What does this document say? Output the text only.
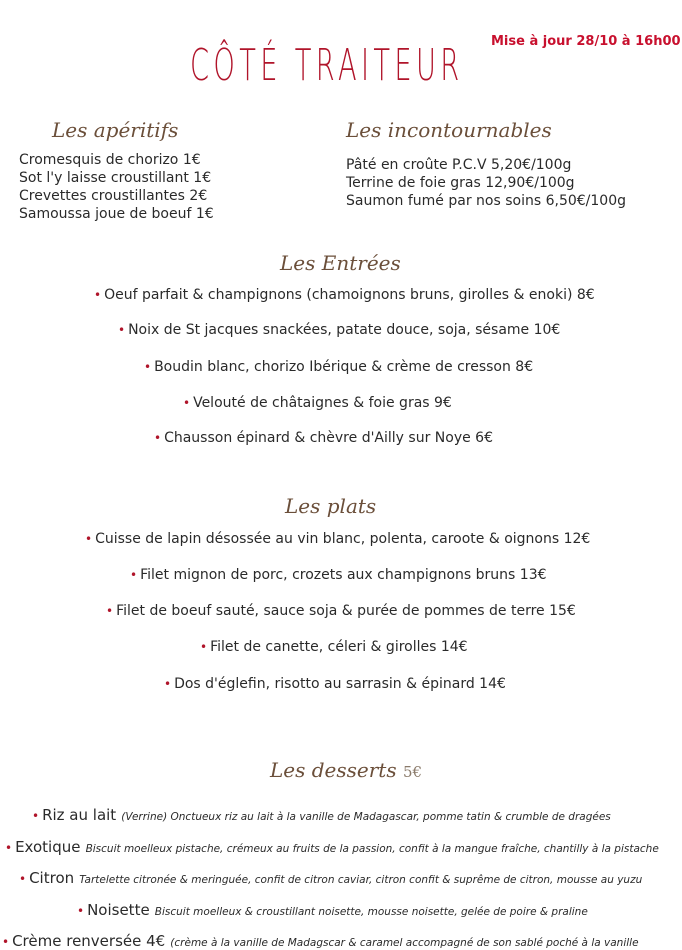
CÔTÉ TRAITEUR Mise à jour 28/10 à 16h00
Les apéritifs
Cromesquis de chorizo 1€
Sot l'y laisse croustillant 1€
Crevettes croustillantes 2€
Samoussa joue de boeuf 1€
Les incontournables
Pâté en croûte P.C.V 5,20€/100g
Terrine de foie gras 12,90€/100g
Saumon fumé par nos soins 6,50€/100g
Les Entrées
• Oeuf parfait & champignons (chamoignons bruns, girolles & enoki) 8€
• Noix de St jacques snackées, patate douce, soja, sésame 10€
• Boudin blanc, chorizo Ibérique & crème de cresson 8€
• Velouté de châtaignes & foie gras 9€
• Chausson épinard & chèvre d'Ailly sur Noye 6€
Les plats
• Cuisse de lapin désossée au vin blanc, polenta, caroote & oignons 12€
• Filet mignon de porc, crozets aux champignons bruns 13€
• Filet de boeuf sauté, sauce soja & purée de pommes de terre 15€
• Filet de canette, céleri & girolles 14€
• Dos d'églefin, risotto au sarrasin & épinard 14€
Les desserts 5€
• Riz au lait (Verrine) Onctueux riz au lait à la vanille de Madagascar, pomme tatin & crumble de dragées
• Exotique Biscuit moelleux pistache, crémeux au fruits de la passion, confit à la mangue fraîche, chantilly à la pistache
• Citron Tartelette citronée & meringuée, confit de citron caviar, citron confit & suprême de citron, mousse au yuzu
• Noisette Biscuit moelleux & croustillant noisette, mousse noisette, gelée de poire & praline
• Crème renversée 4€ (crème à la vanille de Madagscar & caramel accompagné de son sablé poché à la vanille
